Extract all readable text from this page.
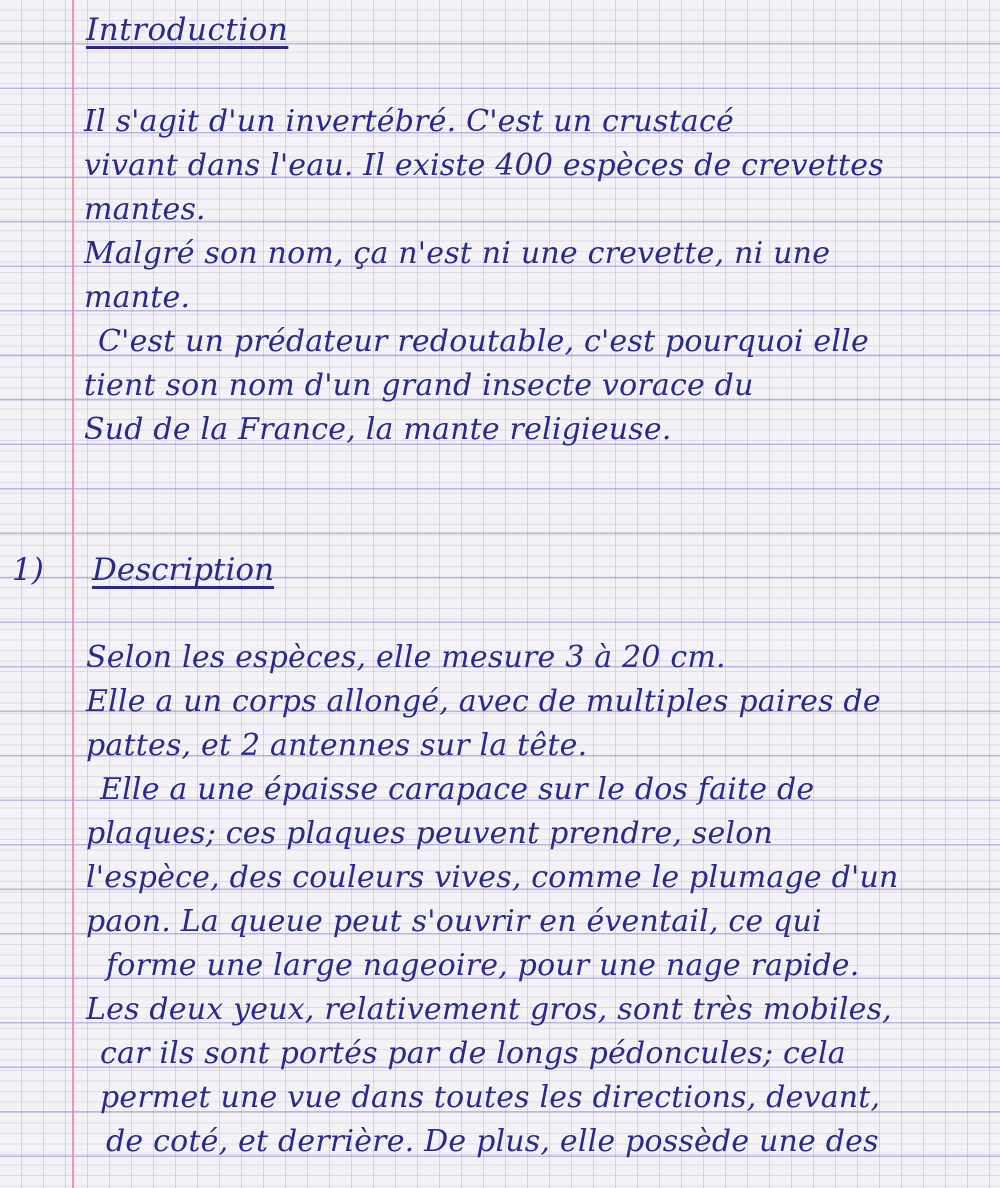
Introduction
Il s'agit d'un invertébré. C'est un crustacé
vivant dans l'eau. Il existe 400 espèces de crevettes
mantes.
Malgré son nom, ça n'est ni une crevette, ni une
mante.
C'est un prédateur redoutable, c'est pourquoi elle
tient son nom d'un grand insecte vorace du
Sud de la France, la mante religieuse.
1) Description
Selon les espèces, elle mesure 3 à 20 cm.
Elle a un corps allongé, avec de multiples paires de
pattes, et 2 antennes sur la tête.
Elle a une épaisse carapace sur le dos faite de
plaques; ces plaques peuvent prendre, selon
l'espèce, des couleurs vives, comme le plumage d'un
paon. La queue peut s'ouvrir en éventail, ce qui
forme une large nageoire, pour une nage rapide.
Les deux yeux, relativement gros, sont très mobiles,
car ils sont portés par de longs pédoncules; cela
permet une vue dans toutes les directions, devant,
de coté, et derrière. De plus, elle possède une des
